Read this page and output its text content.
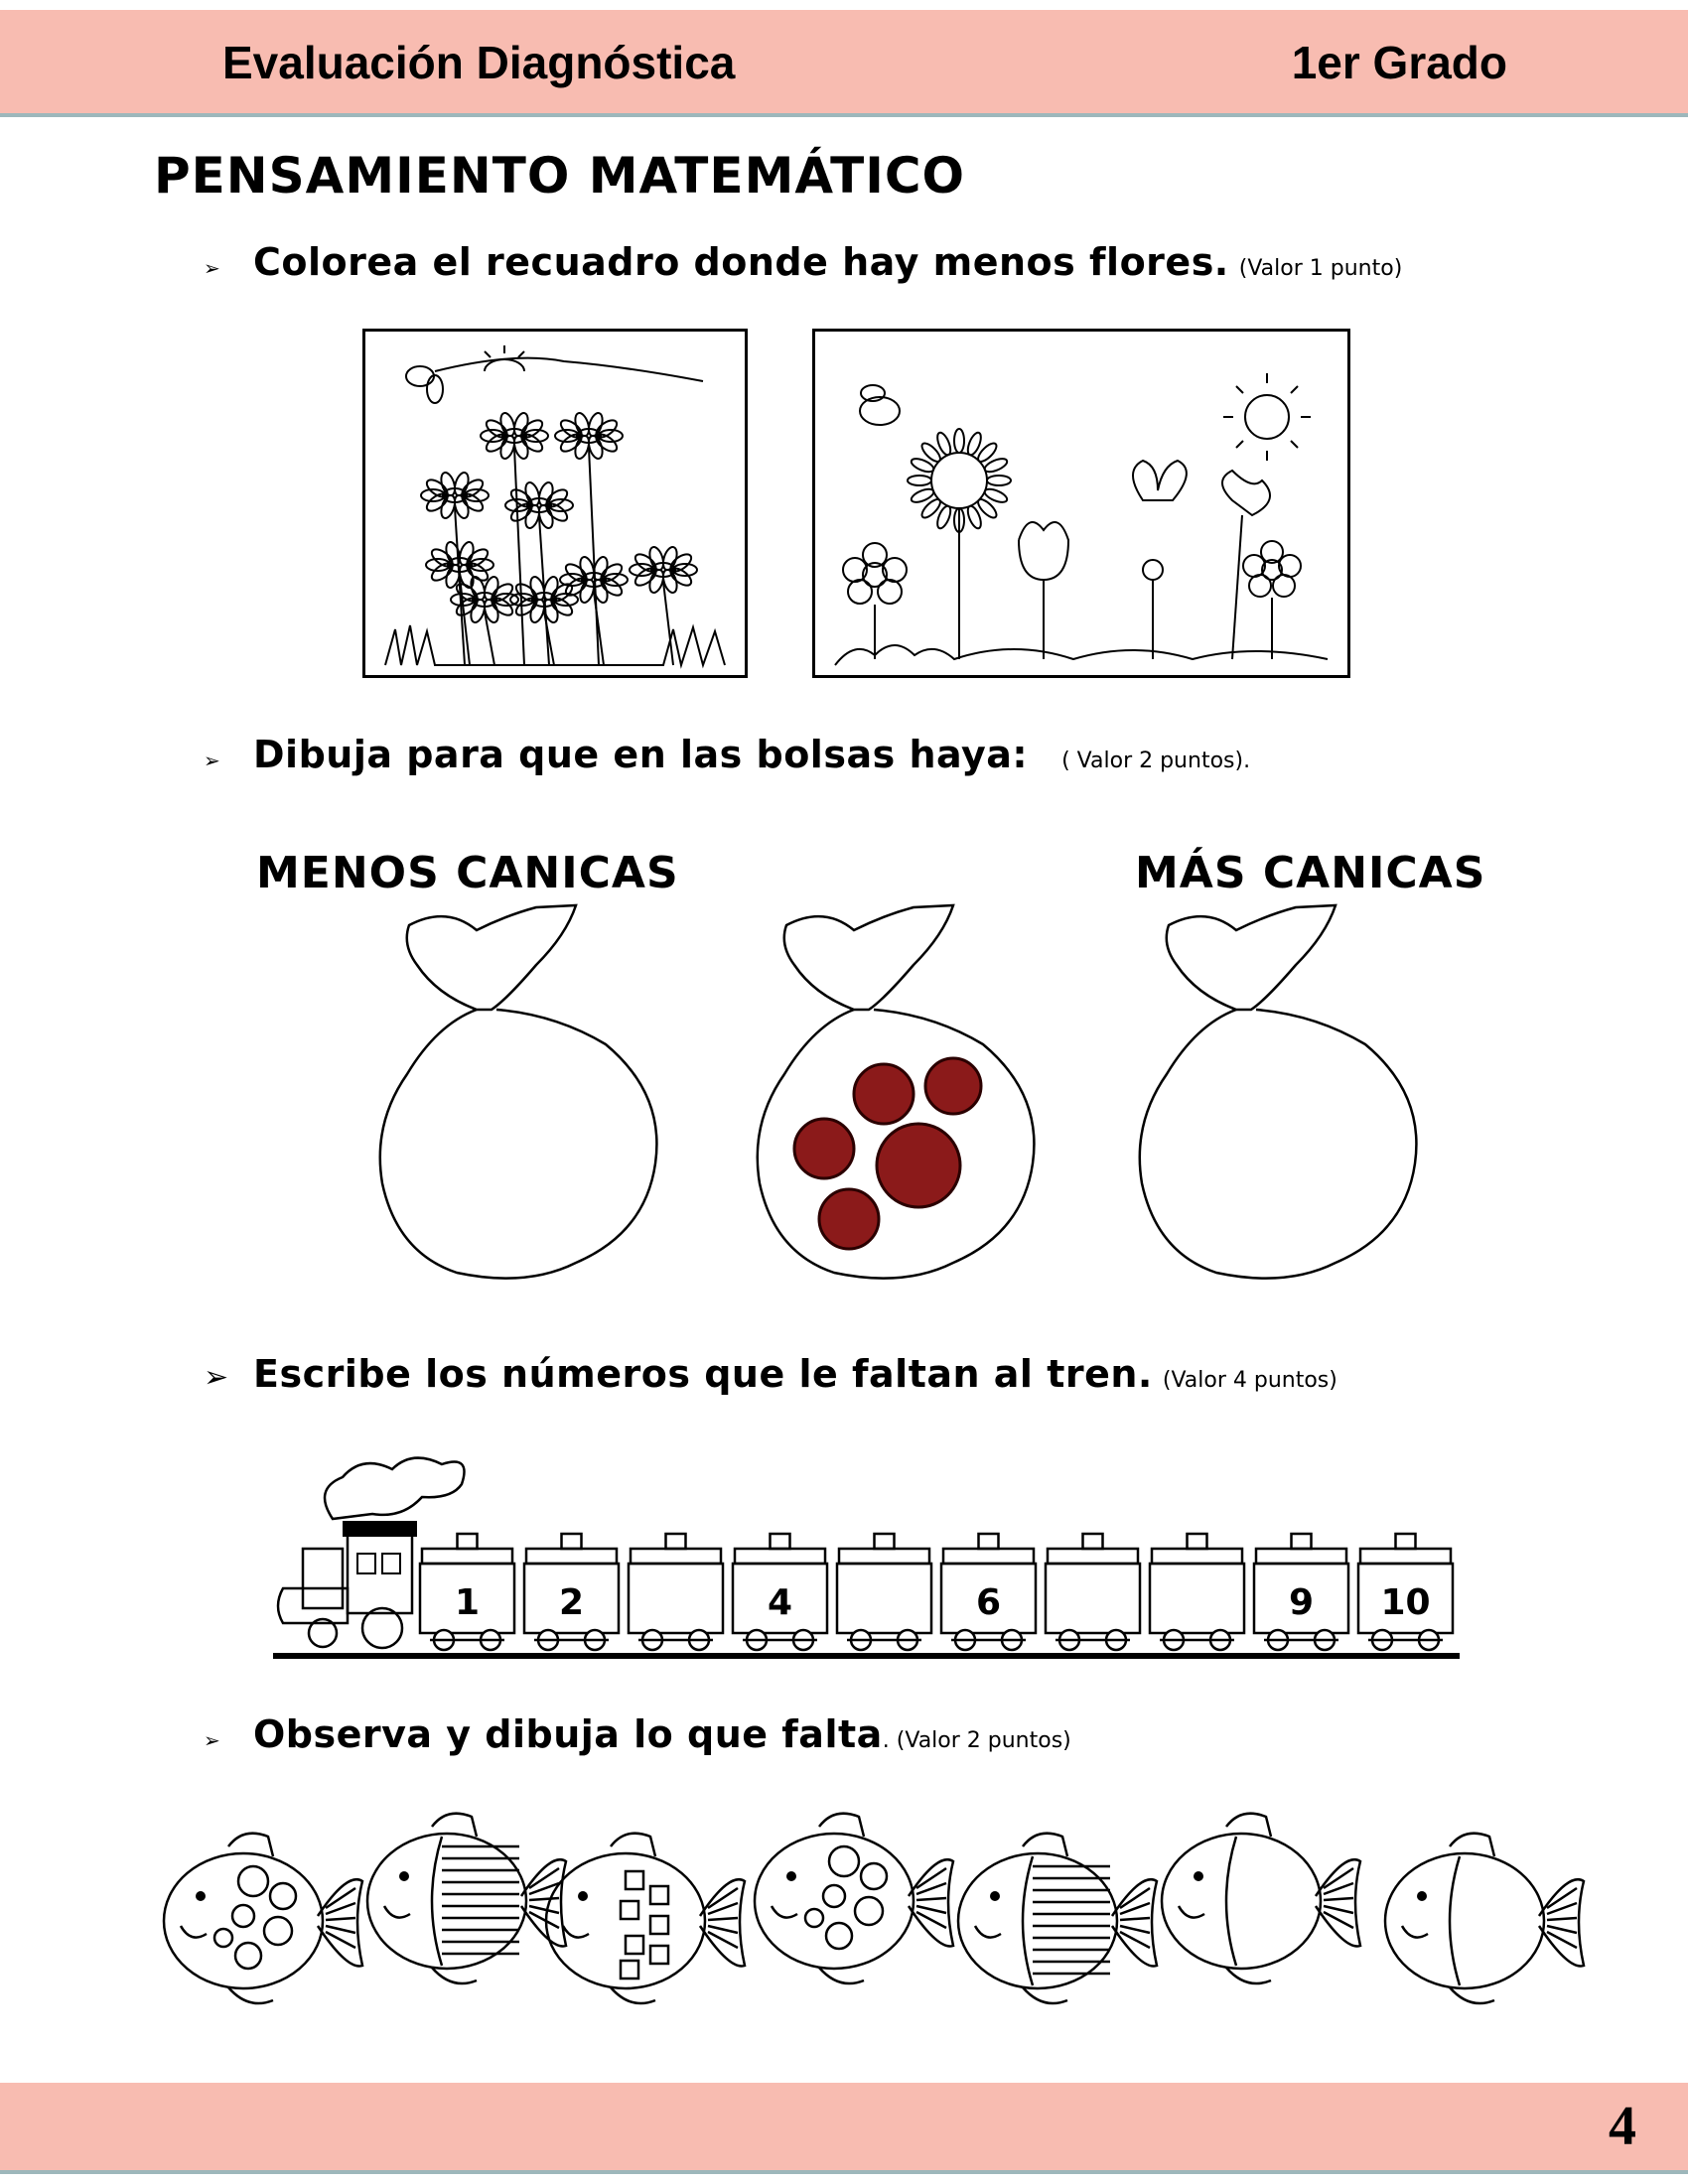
Evaluación Diagnóstica	1er Grado
PENSAMIENTO MATEMÁTICO
➢ Colorea el recuadro donde hay menos flores. (Valor 1 punto)
➢ Dibuja para que en las bolsas haya: ( Valor 2 puntos).
MENOS CANICAS	MÁS CANICAS
➢ Escribe los números que le faltan al tren. (Valor 4 puntos)
1 2	4	6	9 10
➢ Observa y dibuja lo que falta . (Valor 2 puntos)
4
